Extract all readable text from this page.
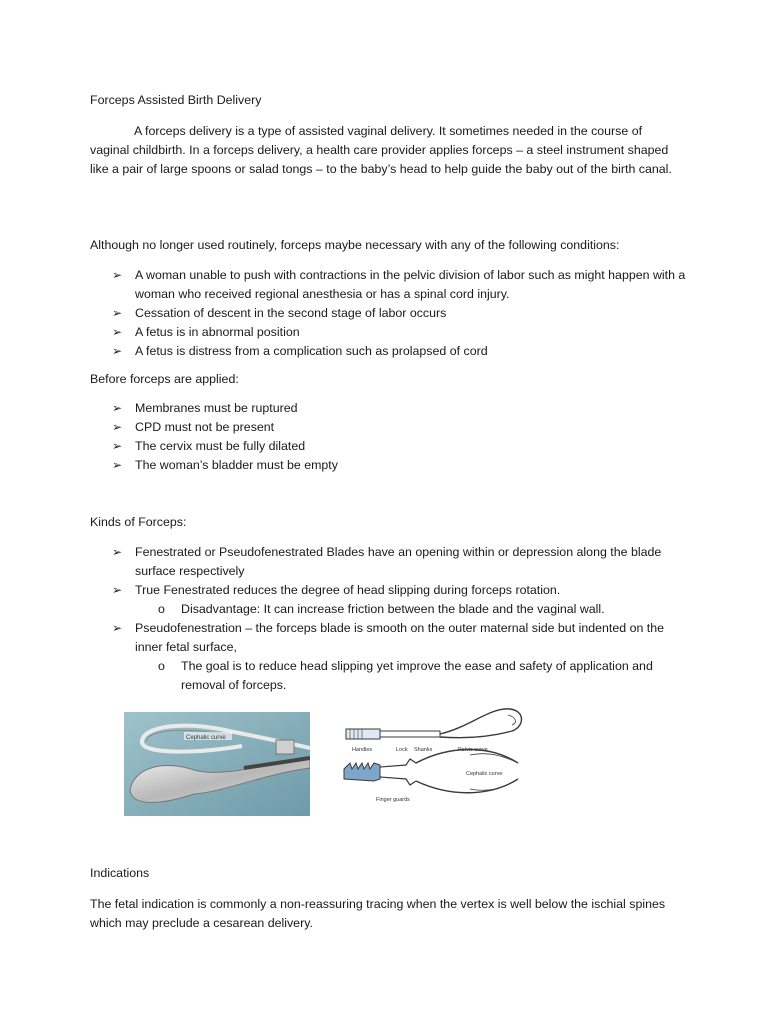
Forceps Assisted Birth Delivery

A forceps delivery is a type of assisted vaginal delivery. It sometimes needed in the course of vaginal childbirth. In a forceps delivery, a health care provider applies forceps – a steel instrument shaped like a pair of large spoons or salad tongs – to the baby’s head to help guide the baby out of the birth canal.

Although no longer used routinely, forceps maybe necessary with any of the following conditions:

➢ A woman unable to push with contractions in the pelvic division of labor such as might happen with a woman who received regional anesthesia or has a spinal cord injury.
➢ Cessation of descent in the second stage of labor occurs
➢ A fetus is in abnormal position
➢ A fetus is distress from a complication such as prolapsed of cord

Before forceps are applied:

➢ Membranes must be ruptured
➢ CPD must not be present
➢ The cervix must be fully dilated
➢ The woman’s bladder must be empty

Kinds of Forceps:

➢ Fenestrated or Pseudofenestrated Blades have an opening within or depression along the blade surface respectively
➢ True Fenestrated reduces the degree of head slipping during forceps rotation.
o Disadvantage: It can increase friction between the blade and the vaginal wall.
➢ Pseudofenestration – the forceps blade is smooth on the outer maternal side but indented on the inner fetal surface,
o The goal is to reduce head slipping yet improve the ease and safety of application and removal of forceps.
Cephalic curve
Handles	Lock Shanks	Pelvic curve
Cephalic curve
Finger guards

Indications

The fetal indication is commonly a non-reassuring tracing when the vertex is well below the ischial spines which may preclude a cesarean delivery.
